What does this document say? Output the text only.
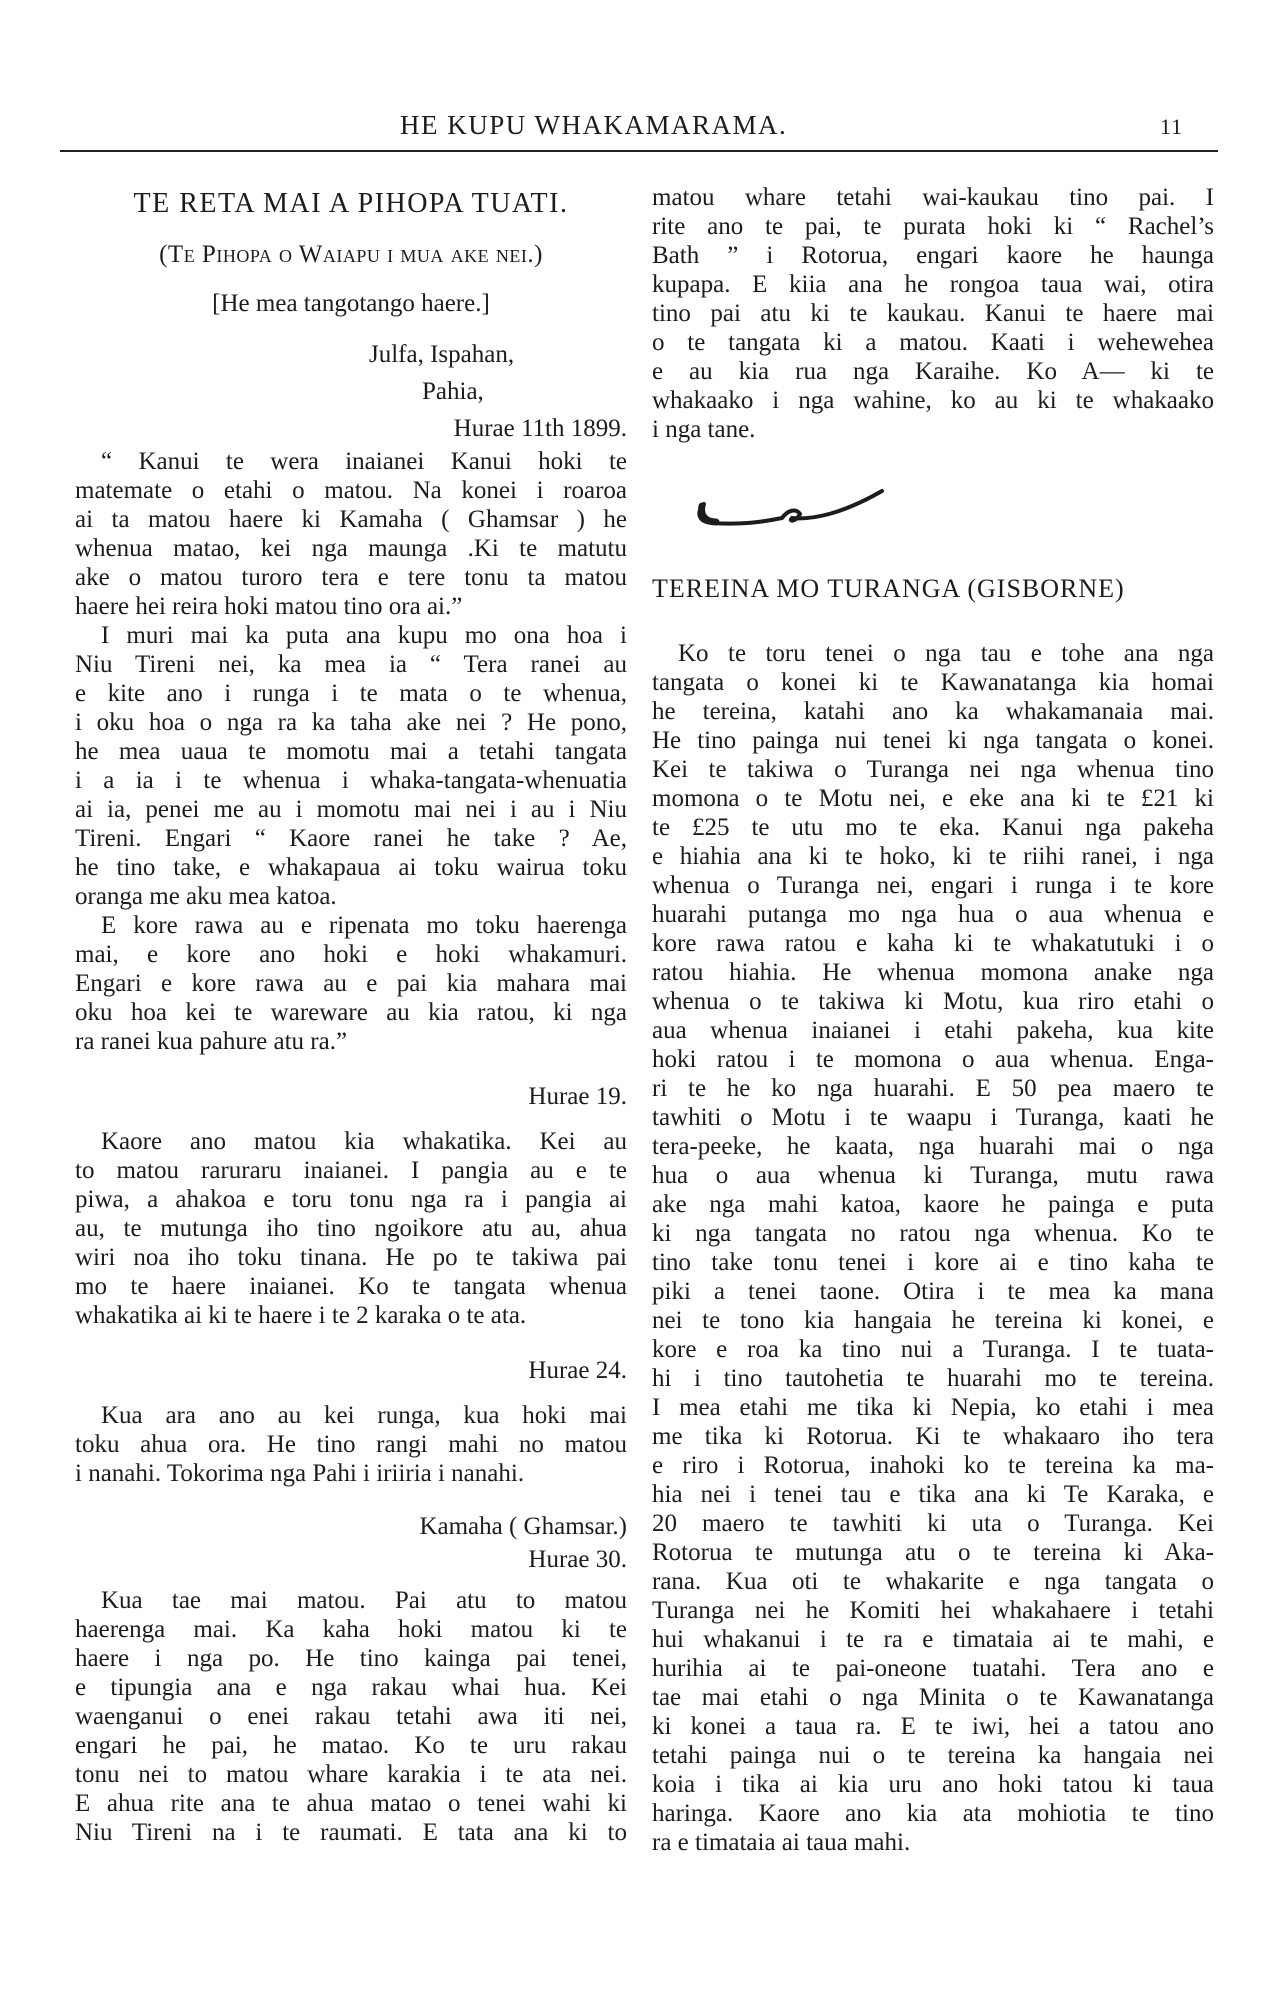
HE KUPU WHAKAMARAMA.	11
TE RETA MAI A PIHOPA TUATI.
(Te Pihopa o Waiapu i mua ake nei.)
[He mea tangotango haere.]
Julfa, Ispahan,
Pahia,
Hurae 11th 1899.
“ Kanui te wera inaianei Kanui hoki te
matemate o etahi o matou. Na konei i roaroa
ai ta matou haere ki Kamaha ( Ghamsar ) he
whenua matao, kei nga maunga .Ki te matutu
ake o matou turoro tera e tere tonu ta matou
haere hei reira hoki matou tino ora ai.”
I muri mai ka puta ana kupu mo ona hoa i
Niu Tireni nei, ka mea ia “ Tera ranei au
e kite ano i runga i te mata o te whenua,
i oku hoa o nga ra ka taha ake nei ? He pono,
he mea uaua te momotu mai a tetahi tangata
i a ia i te whenua i whaka-tangata-whenuatia
ai ia, penei me au i momotu mai nei i au i Niu
Tireni. Engari “ Kaore ranei he take ? Ae,
he tino take, e whakapaua ai toku wairua toku
oranga me aku mea katoa.
E kore rawa au e ripenata mo toku haerenga
mai, e kore ano hoki e hoki whakamuri.
Engari e kore rawa au e pai kia mahara mai
oku hoa kei te wareware au kia ratou, ki nga
ra ranei kua pahure atu ra.”
Hurae 19.
Kaore ano matou kia whakatika. Kei au
to matou raruraru inaianei. I pangia au e te
piwa, a ahakoa e toru tonu nga ra i pangia ai
au, te mutunga iho tino ngoikore atu au, ahua
wiri noa iho toku tinana. He po te takiwa pai
mo te haere inaianei. Ko te tangata whenua
whakatika ai ki te haere i te 2 karaka o te ata.
Hurae 24.
Kua ara ano au kei runga, kua hoki mai
toku ahua ora. He tino rangi mahi no matou
i nanahi. Tokorima nga Pahi i iriiria i nanahi.
Kamaha ( Ghamsar.)
Hurae 30.
Kua tae mai matou. Pai atu to matou
haerenga mai. Ka kaha hoki matou ki te
haere i nga po. He tino kainga pai tenei,
e tipungia ana e nga rakau whai hua. Kei
waenganui o enei rakau tetahi awa iti nei,
engari he pai, he matao. Ko te uru rakau
tonu nei to matou whare karakia i te ata nei.
E ahua rite ana te ahua matao o tenei wahi ki
Niu Tireni na i te raumati. E tata ana ki to
matou whare tetahi wai-kaukau tino pai. I
rite ano te pai, te purata hoki ki “ Rachel’s
Bath ” i Rotorua, engari kaore he haunga
kupapa. E kiia ana he rongoa taua wai, otira
tino pai atu ki te kaukau. Kanui te haere mai
o te tangata ki a matou. Kaati i wehewehea
e au kia rua nga Karaihe. Ko A— ki te
whakaako i nga wahine, ko au ki te whakaako
i nga tane.
TEREINA MO TURANGA (GISBORNE)
Ko te toru tenei o nga tau e tohe ana nga
tangata o konei ki te Kawanatanga kia homai
he tereina, katahi ano ka whakamanaia mai.
He tino painga nui tenei ki nga tangata o konei.
Kei te takiwa o Turanga nei nga whenua tino
momona o te Motu nei, e eke ana ki te £21 ki
te £25 te utu mo te eka. Kanui nga pakeha
e hiahia ana ki te hoko, ki te riihi ranei, i nga
whenua o Turanga nei, engari i runga i te kore
huarahi putanga mo nga hua o aua whenua e
kore rawa ratou e kaha ki te whakatutuki i o
ratou hiahia. He whenua momona anake nga
whenua o te takiwa ki Motu, kua riro etahi o
aua whenua inaianei i etahi pakeha, kua kite
hoki ratou i te momona o aua whenua. Enga-
ri te he ko nga huarahi. E 50 pea maero te
tawhiti o Motu i te waapu i Turanga, kaati he
tera-peeke, he kaata, nga huarahi mai o nga
hua o aua whenua ki Turanga, mutu rawa
ake nga mahi katoa, kaore he painga e puta
ki nga tangata no ratou nga whenua. Ko te
tino take tonu tenei i kore ai e tino kaha te
piki a tenei taone. Otira i te mea ka mana
nei te tono kia hangaia he tereina ki konei, e
kore e roa ka tino nui a Turanga. I te tuata-
hi i tino tautohetia te huarahi mo te tereina.
I mea etahi me tika ki Nepia, ko etahi i mea
me tika ki Rotorua. Ki te whakaaro iho tera
e riro i Rotorua, inahoki ko te tereina ka ma-
hia nei i tenei tau e tika ana ki Te Karaka, e
20 maero te tawhiti ki uta o Turanga. Kei
Rotorua te mutunga atu o te tereina ki Aka-
rana. Kua oti te whakarite e nga tangata o
Turanga nei he Komiti hei whakahaere i tetahi
hui whakanui i te ra e timataia ai te mahi, e
hurihia ai te pai-oneone tuatahi. Tera ano e
tae mai etahi o nga Minita o te Kawanatanga
ki konei a taua ra. E te iwi, hei a tatou ano
tetahi painga nui o te tereina ka hangaia nei
koia i tika ai kia uru ano hoki tatou ki taua
haringa. Kaore ano kia ata mohiotia te tino
ra e timataia ai taua mahi.
